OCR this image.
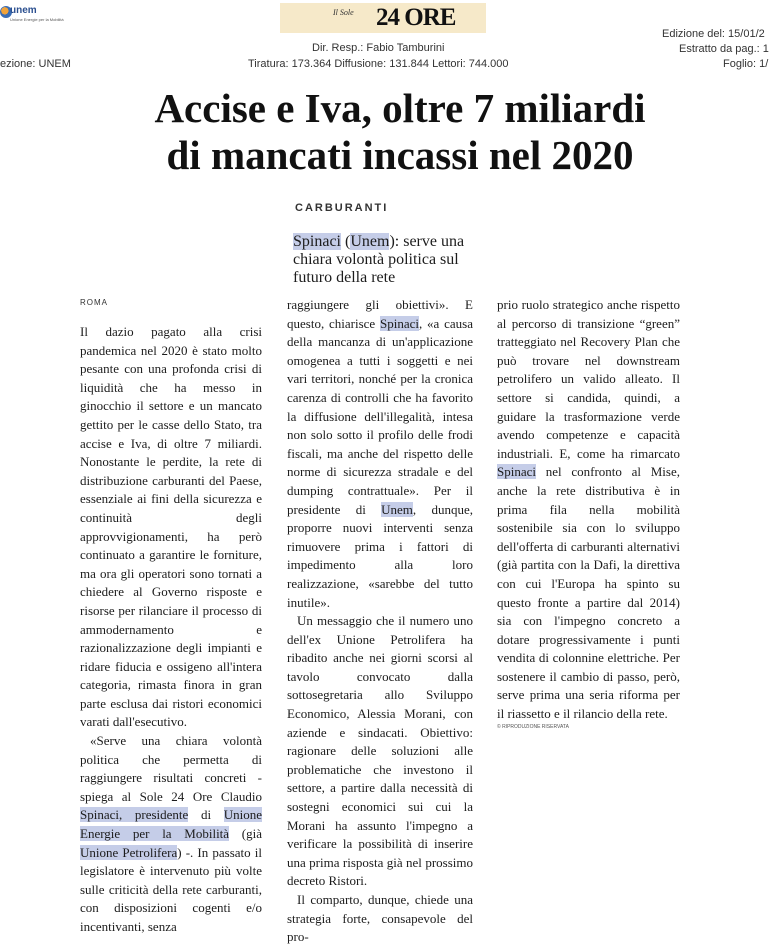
unem
Unione Energie per la Mobilità
Il Sole 24 ORE
ezione: UNEM
Dir. Resp.: Fabio Tamburini
Tiratura: 173.364 Diffusione: 131.844 Lettori: 744.000
Edizione del: 15/01/2
Estratto da pag.: 1
Foglio: 1/
Accise e Iva, oltre 7 miliardi
di mancati incassi nel 2020
CARBURANTI
Spinaci (Unem): serve una chiara volontà politica sul futuro della rete
ROMA

Il dazio pagato alla crisi pandemica nel 2020 è stato molto pesante con una profonda crisi di liquidità che ha messo in ginocchio il settore e un mancato gettito per le casse dello Stato, tra accise e Iva, di oltre 7 miliardi. Nonostante le perdite, la rete di distribuzione carburanti del Paese, essenziale ai fini della sicurezza e continuità degli approvvigionamenti, ha però continuato a garantire le forniture, ma ora gli operatori sono tornati a chiedere al Governo risposte e risorse per rilanciare il processo di ammodernamento e razionalizzazione degli impianti e ridare fiducia e ossigeno all'intera categoria, rimasta finora in gran parte esclusa dai ristori economici varati dall'esecutivo.

«Serve una chiara volontà politica che permetta di raggiungere risultati concreti - spiega al Sole 24 Ore Claudio Spinaci, presidente di Unione Energie per la Mobilità (già Unione Petrolifera) -. In passato il legislatore è intervenuto più volte sulle criticità della rete carburanti, con disposizioni cogenti e/o incentivanti, senza

raggiungere gli obiettivi». E questo, chiarisce Spinaci, «a causa della mancanza di un'applicazione omogenea a tutti i soggetti e nei vari territori, nonché per la cronica carenza di controlli che ha favorito la diffusione dell'illegalità, intesa non solo sotto il profilo delle frodi fiscali, ma anche del rispetto delle norme di sicurezza stradale e del dumping contrattuale». Per il presidente di Unem, dunque, proporre nuovi interventi senza rimuovere prima i fattori di impedimento alla loro realizzazione, «sarebbe del tutto inutile».

Un messaggio che il numero uno dell'ex Unione Petrolifera ha ribadito anche nei giorni scorsi al tavolo convocato dalla sottosegretaria allo Sviluppo Economico, Alessia Morani, con aziende e sindacati. Obiettivo: ragionare delle soluzioni alle problematiche che investono il settore, a partire dalla necessità di sostegni economici sui cui la Morani ha assunto l'impegno a verificare la possibilità di inserire una prima risposta già nel prossimo decreto Ristori.

Il comparto, dunque, chiede una strategia forte, consapevole del pro-

prio ruolo strategico anche rispetto al percorso di transizione “green” tratteggiato nel Recovery Plan che può trovare nel downstream petrolifero un valido alleato. Il settore si candida, quindi, a guidare la trasformazione verde avendo competenze e capacità industriali. E, come ha rimarcato Spinaci nel confronto al Mise, anche la rete distributiva è in prima fila nella mobilità sostenibile sia con lo sviluppo dell'offerta di carburanti alternativi (già partita con la Dafi, la direttiva con cui l'Europa ha spinto su questo fronte a partire dal 2014) sia con l'impegno concreto a dotare progressivamente i punti vendita di colonnine elettriche. Per sostenere il cambio di passo, però, serve prima una seria riforma per il riassetto e il rilancio della rete.

© RIPRODUZIONE RISERVATA
